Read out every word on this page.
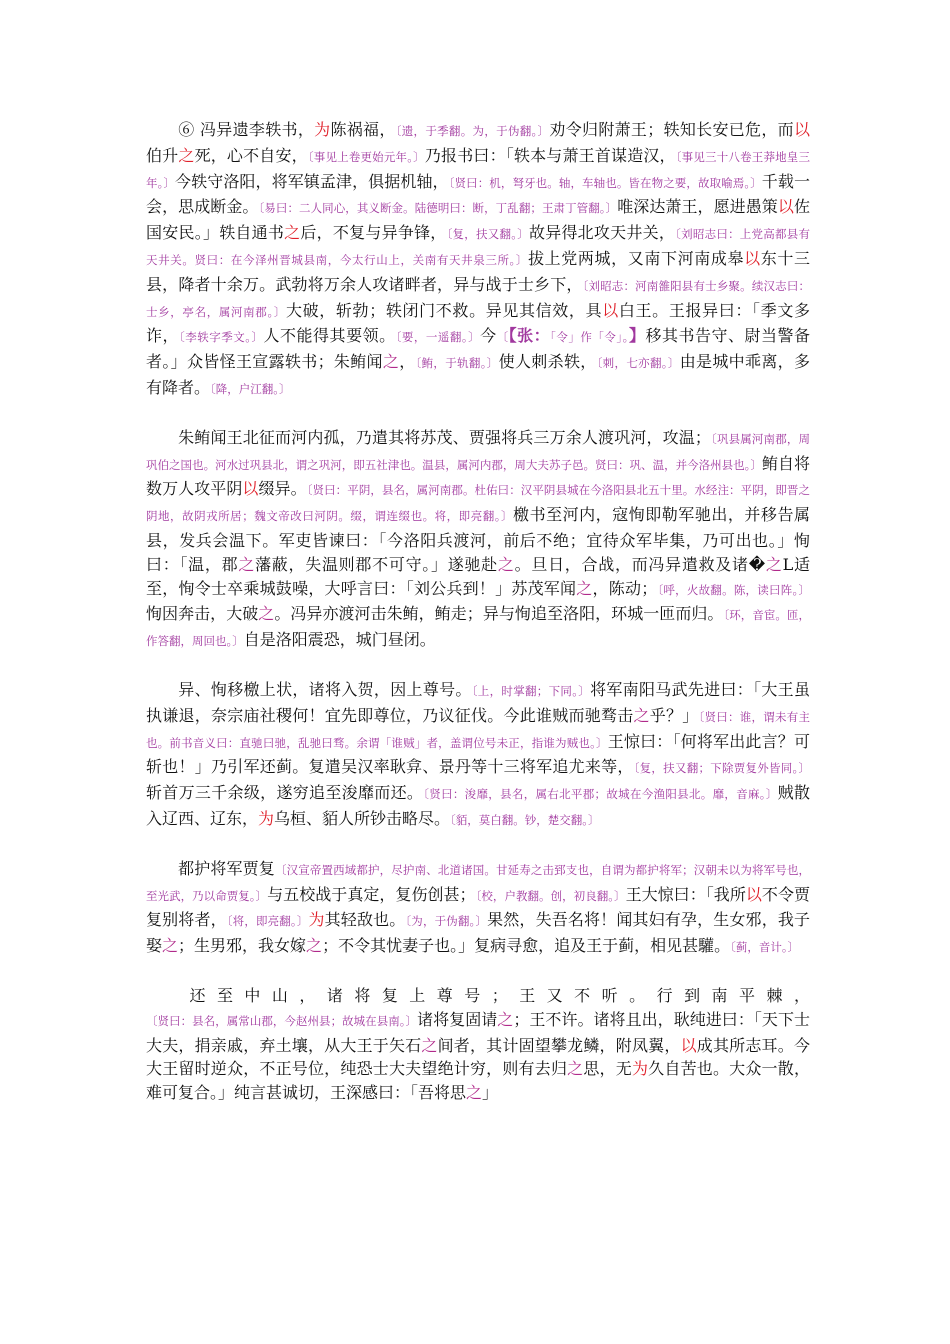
⑥ 冯异遗李轶书，为陈祸福，〔遗，于季翻。为，于伪翻。〕劝令归附萧王；轶知长安已危，而以伯升之死，心不自安，〔事见上卷更始元年。〕乃报书曰：「轶本与萧王首谋造汉，〔事见三十八卷王莽地皇三年。〕今轶守洛阳，将军镇孟津，俱据机轴，〔贤曰：机，弩牙也。轴，车轴也。皆在物之要，故取喻焉。〕千载一会，思成断金。〔易曰：二人同心，其义断金。陆德明曰：断，丁乱翻；王肃丁管翻。〕唯深达萧王，愿进愚策以佐国安民。」轶自通书之后，不复与异争锋，〔复，扶又翻。〕故异得北攻天井关，〔刘昭志曰：上党高都县有天井关。贤曰：在今泽州晋城县南，今太行山上，关南有天井泉三所。〕拔上党两城，又南下河南成皋以东十三县，降者十余万。武勃将万余人攻诸畔者，异与战于士乡下，〔刘昭志：河南雒阳县有士乡聚。续汉志曰：士乡，亭名，属河南郡。〕大破，斩勃；轶闭门不救。异见其信效，具以白王。王报异曰：「季文多诈，〔李轶字季文。〕人不能得其要领。〔要，一遥翻。〕今〔【张：「令」作「令」。】移其书告守、尉当警备者。」众皆怪王宣露轶书；朱鲔闻之，〔鲔，于轨翻。〕使人刺杀轶，〔刺，七亦翻。〕由是城中乖离，多有降者。〔降，户江翻。〕

朱鲔闻王北征而河内孤，乃遣其将苏茂、贾强将兵三万余人渡巩河，攻温；〔巩县属河南郡，周巩伯之国也。河水过巩县北，谓之巩河，即五社津也。温县，属河内郡，周大夫苏子邑。贤曰：巩、温，并今洛州县也。〕鲔自将数万人攻平阴以缀异。〔贤曰：平阴，县名，属河南郡。杜佑曰：汉平阴县城在今洛阳县北五十里。水经注：平阴，即晋之阴地，故阴戎所居；魏文帝改曰河阴。缀，谓连缀也。将，即亮翻。〕檄书至河内，寇恂即勒军驰出，并移告属县，发兵会温下。军吏皆谏曰：「今洛阳兵渡河，前后不绝；宜待众军毕集，乃可出也。」恂曰：「温，郡之藩蔽，失温则郡不可守。」遂驰赴之。旦日，合战，而冯异遣救及诸�之L适至，恂令士卒乘城鼓噪，大呼言曰：「刘公兵到！」苏茂军闻之，陈动；〔呼，火故翻。陈，读曰阵。〕恂因奔击，大破之。冯异亦渡河击朱鲔，鲔走；异与恂追至洛阳，环城一匝而归。〔环，音宦。匝，作答翻，周回也。〕自是洛阳震恐，城门昼闭。

异、恂移檄上状，诸将入贺，因上尊号。〔上，时掌翻；下同。〕将军南阳马武先进曰：「大王虽执谦退，奈宗庙社稷何！宜先即尊位，乃议征伐。今此谁贼而驰骛击之乎？」〔贤曰：谁，谓未有主也。前书音义曰：直驰曰驰，乱驰曰骛。余谓「谁贼」者，盖谓位号未正，指谁为贼也。〕王惊曰：「何将军出此言？可斩也！」乃引军还蓟。复遣吴汉率耿弇、景丹等十三将军追尤来等，〔复，扶又翻；下除贾复外皆同。〕斩首万三千余级，遂穷追至浚靡而还。〔贤曰：浚靡，县名，属右北平郡；故城在今渔阳县北。靡，音麻。〕贼散入辽西、辽东，为乌桓、貊人所钞击略尽。〔貊，莫白翻。钞，楚交翻。〕

都护将军贾复〔汉宣帝置西域都护，尽护南、北道诸国。甘延寿之击郅支也，自谓为都护将军；汉朝未以为将军号也，至光武，乃以命贾复。〕与五校战于真定，复伤创甚；〔校，户教翻。创，初良翻。〕王大惊曰：「我所以不令贾复别将者，〔将，即亮翻。〕为其轻敌也。〔为，于伪翻。〕果然，失吾名将！闻其妇有孕，生女邪，我子娶之；生男邪，我女嫁之；不令其忧妻子也。」复病寻愈，追及王于蓟，相见甚驩。〔蓟，音计。〕

还至中山，诸将复上尊号；王又不听。行到南平棘，〔贤曰：县名，属常山郡，今赵州县；故城在县南。〕诸将复固请之；王不许。诸将且出，耿纯进曰：「天下士大夫，捐亲戚，弃土壤，从大王于矢石之间者，其计固望攀龙鳞，附凤翼，以成其所志耳。今大王留时逆众，不正号位，纯恐士大夫望绝计穷，则有去归之思，无为久自苦也。大众一散，难可复合。」纯言甚诚切，王深感曰：「吾将思之」
